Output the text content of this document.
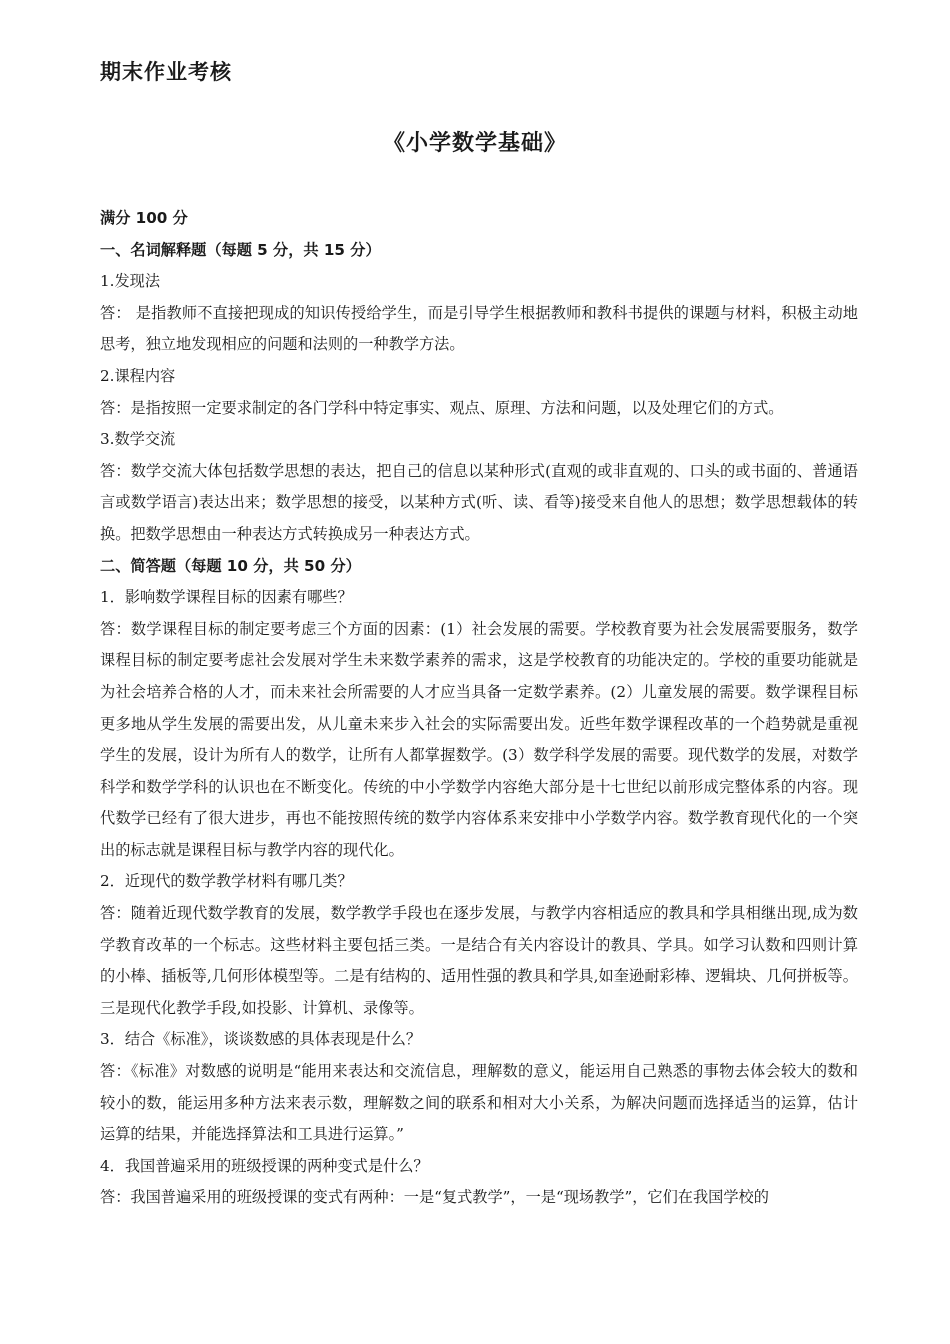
期末作业考核
《小学数学基础》

满分 100 分

一、名词解释题（每题 5 分，共 15 分）

1.发现法

答： 是指教师不直接把现成的知识传授给学生，而是引导学生根据教师和教科书提供的课题与材料，积极主动地思考，独立地发现相应的问题和法则的一种教学方法。

2.课程内容

答：是指按照一定要求制定的各门学科中特定事实、观点、原理、方法和问题，以及处理它们的方式。

3.数学交流

答：数学交流大体包括数学思想的表达，把自己的信息以某种形式(直观的或非直观的、口头的或书面的、普通语言或数学语言)表达出来；数学思想的接受，以某种方式(听、读、看等)接受来自他人的思想；数学思想载体的转换。把数学思想由一种表达方式转换成另一种表达方式。

二、简答题（每题 10 分，共 50 分）

1．影响数学课程目标的因素有哪些？

答：数学课程目标的制定要考虑三个方面的因素：(1）社会发展的需要。学校教育要为社会发展需要服务，数学课程目标的制定要考虑社会发展对学生未来数学素养的需求，这是学校教育的功能决定的。学校的重要功能就是为社会培养合格的人才，而未来社会所需要的人才应当具备一定数学素养。(2）儿童发展的需要。数学课程目标更多地从学生发展的需要出发，从儿童未来步入社会的实际需要出发。近些年数学课程改革的一个趋势就是重视学生的发展，设计为所有人的数学，让所有人都掌握数学。(3）数学科学发展的需要。现代数学的发展，对数学科学和数学学科的认识也在不断变化。传统的中小学数学内容绝大部分是十七世纪以前形成完整体系的内容。现代数学已经有了很大进步，再也不能按照传统的数学内容体系来安排中小学数学内容。数学教育现代化的一个突出的标志就是课程目标与教学内容的现代化。

2．近现代的数学教学材料有哪几类？

答：随着近现代数学教育的发展，数学教学手段也在逐步发展，与教学内容相适应的教具和学具相继出现,成为数学教育改革的一个标志。这些材料主要包括三类。一是结合有关内容设计的教具、学具。如学习认数和四则计算的小棒、插板等,几何形体模型等。二是有结构的、适用性强的教具和学具,如奎逊耐彩棒、逻辑块、几何拼板等。三是现代化教学手段,如投影、计算机、录像等。

3．结合《标准》，谈谈数感的具体表现是什么？

答：《标准》对数感的说明是“能用来表达和交流信息，理解数的意义，能运用自己熟悉的事物去体会较大的数和较小的数，能运用多种方法来表示数，理解数之间的联系和相对大小关系，为解决问题而选择适当的运算，估计运算的结果，并能选择算法和工具进行运算。”

4．我国普遍采用的班级授课的两种变式是什么？

答：我国普遍采用的班级授课的变式有两种：一是“复式教学”，一是“现场教学”，它们在我国学校的
